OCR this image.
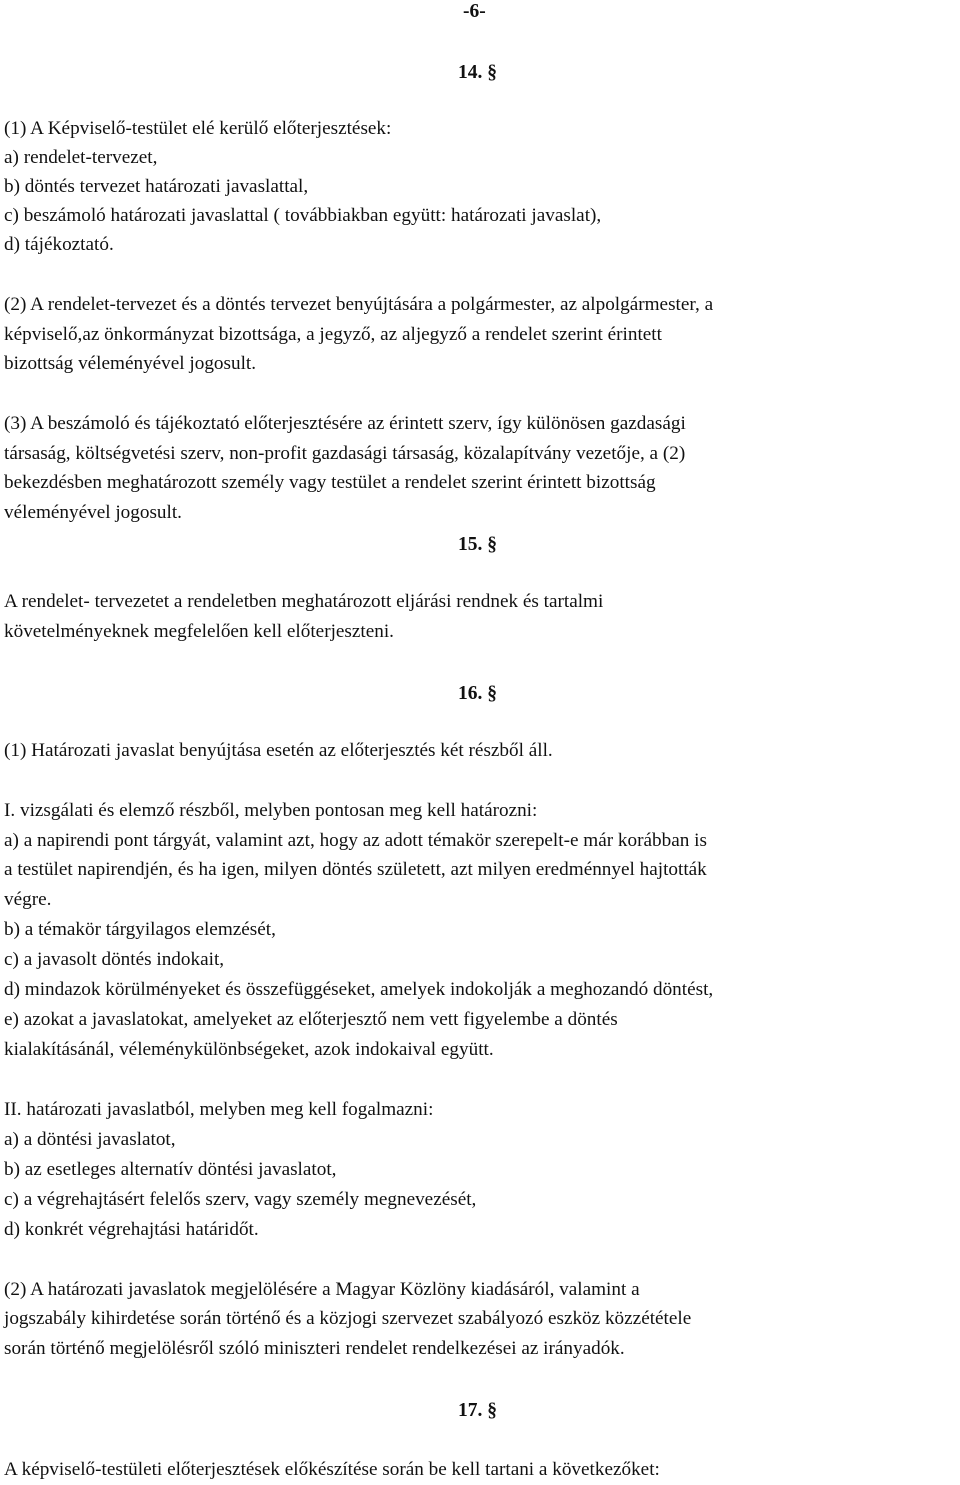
-6-
14. §
(1) A Képviselő-testület elé kerülő előterjesztések:
a) rendelet-tervezet,
b) döntés tervezet határozati javaslattal,
c) beszámoló határozati javaslattal ( továbbiakban együtt: határozati javaslat),
d) tájékoztató.
(2) A rendelet-tervezet és a döntés tervezet benyújtására a polgármester, az alpolgármester, a
képviselő,az önkormányzat bizottsága, a jegyző, az aljegyző a rendelet szerint érintett
bizottság véleményével jogosult.
(3) A beszámoló és tájékoztató előterjesztésére az érintett szerv, így különösen gazdasági
társaság, költségvetési szerv, non-profit gazdasági társaság, közalapítvány vezetője, a (2)
bekezdésben meghatározott személy vagy testület a rendelet szerint érintett bizottság
véleményével jogosult.
15. §
A rendelet- tervezetet a rendeletben meghatározott eljárási rendnek és tartalmi
követelményeknek megfelelően kell előterjeszteni.
16. §
(1) Határozati javaslat benyújtása esetén az előterjesztés két részből áll.
I. vizsgálati és elemző részből, melyben pontosan meg kell határozni:
a) a napirendi pont tárgyát, valamint azt, hogy az adott témakör szerepelt-e már korábban is
a testület napirendjén, és ha igen, milyen döntés született, azt milyen eredménnyel hajtották
végre.
b) a témakör tárgyilagos elemzését,
c) a javasolt döntés indokait,
d) mindazok körülményeket és összefüggéseket, amelyek indokolják a meghozandó döntést,
e) azokat a javaslatokat, amelyeket az előterjesztő nem vett figyelembe a döntés
kialakításánál, véleménykülönbségeket, azok indokaival együtt.
II. határozati javaslatból, melyben meg kell fogalmazni:
a) a döntési javaslatot,
b) az esetleges alternatív döntési javaslatot,
c) a végrehajtásért felelős szerv, vagy személy megnevezését,
d) konkrét végrehajtási határidőt.
(2) A határozati javaslatok megjelölésére a Magyar Közlöny kiadásáról, valamint a
jogszabály kihirdetése során történő és a közjogi szervezet szabályozó eszköz közzététele
során történő megjelölésről szóló miniszteri rendelet rendelkezései az irányadók.
17. §
A képviselő-testületi előterjesztések előkészítése során be kell tartani a következőket:
